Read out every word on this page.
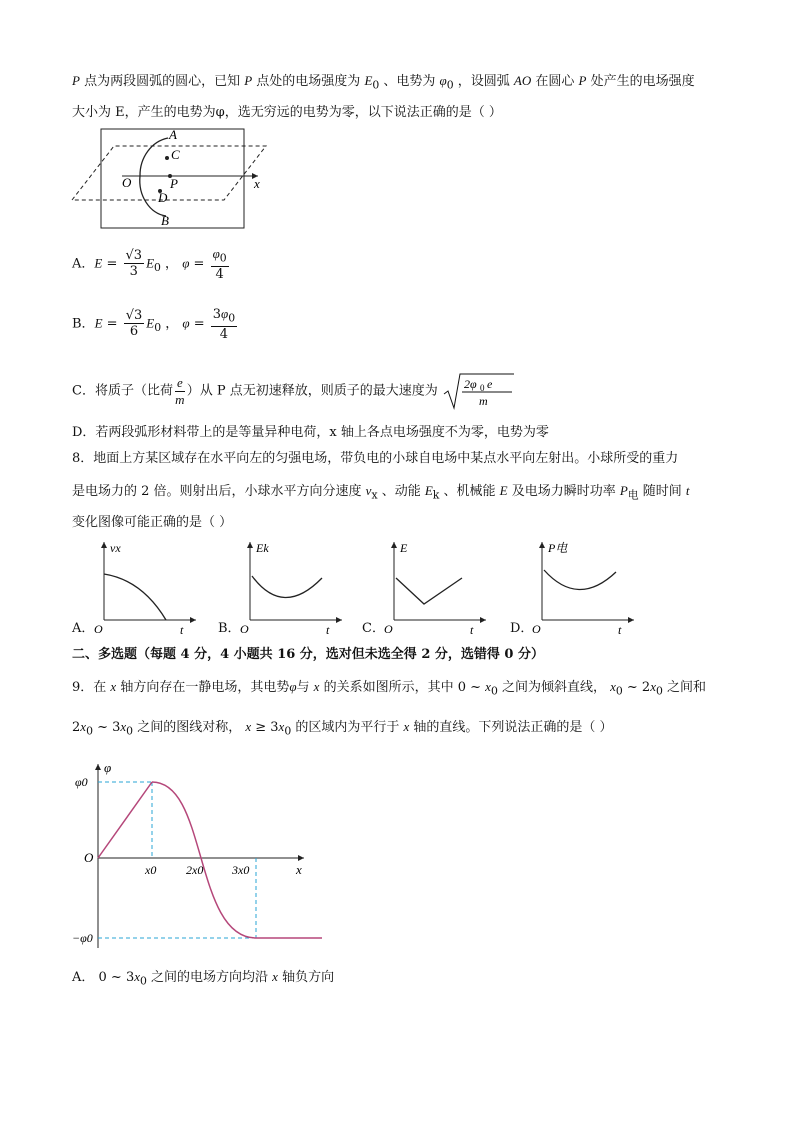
P 点为两段圆弧的圆心，已知 P 点处的电场强度为 $E_0$ 、电势为 $\varphi_0$ ，设圆弧 AO 在圆心 P 处产生的电场强度
大小为 E，产生的电势为φ，选无穷远的电势为零，以下说法正确的是（ ）
A
C
O	P
D
B
x
A．$E = \frac{√3}{3} E_0$ ， $\varphi = \frac{\varphi_0}{4}$
B．$E = \frac{√3}{6} E_0$ ， $\varphi = \frac{3\varphi_0}{4}$
C．将质子（比荷 $\frac{e}{m}$ ）从 P 点无初速释放，则质子的最大速度为 2φ 0 e
m
D．若两段弧形材料带上的是等量异种电荷，x 轴上各点电场强度不为零，电势为零
8．地面上方某区域存在水平向左的匀强电场，带负电的小球自电场中某点水平向左射出。小球所受的重力
是电场力的 2 倍。则射出后，小球水平方向分速度 $v_x$ 、动能 $E_k$ 、机械能 E 及电场力瞬时功率 $P_电$ 随时间 t
变化图像可能正确的是（ ）
A．
vx
O	t	B．
Ek
O	t	C．
E
O	t	D．
P电
O	t
二、多选题（每题 4 分，4 小题共 16 分，选对但未选全得 2 分，选错得 0 分）
9．在 x 轴方向存在一静电场，其电势φ与 x 的关系如图所示，其中 0 ~ $x_0$ 之间为倾斜直线， $x_0$ ~ $2x_0$ 之间和
$2x_0$ ~ $3x_0$ 之间的图线对称， $x \ge 3x_0$ 的区域内为平行于 x 轴的直线。下列说法正确的是（ ）
φ
φ0
O
−φ0
x0 2x0 3x0	x
A． 0 ~ $3x_0$ 之间的电场方向均沿 x 轴负方向
